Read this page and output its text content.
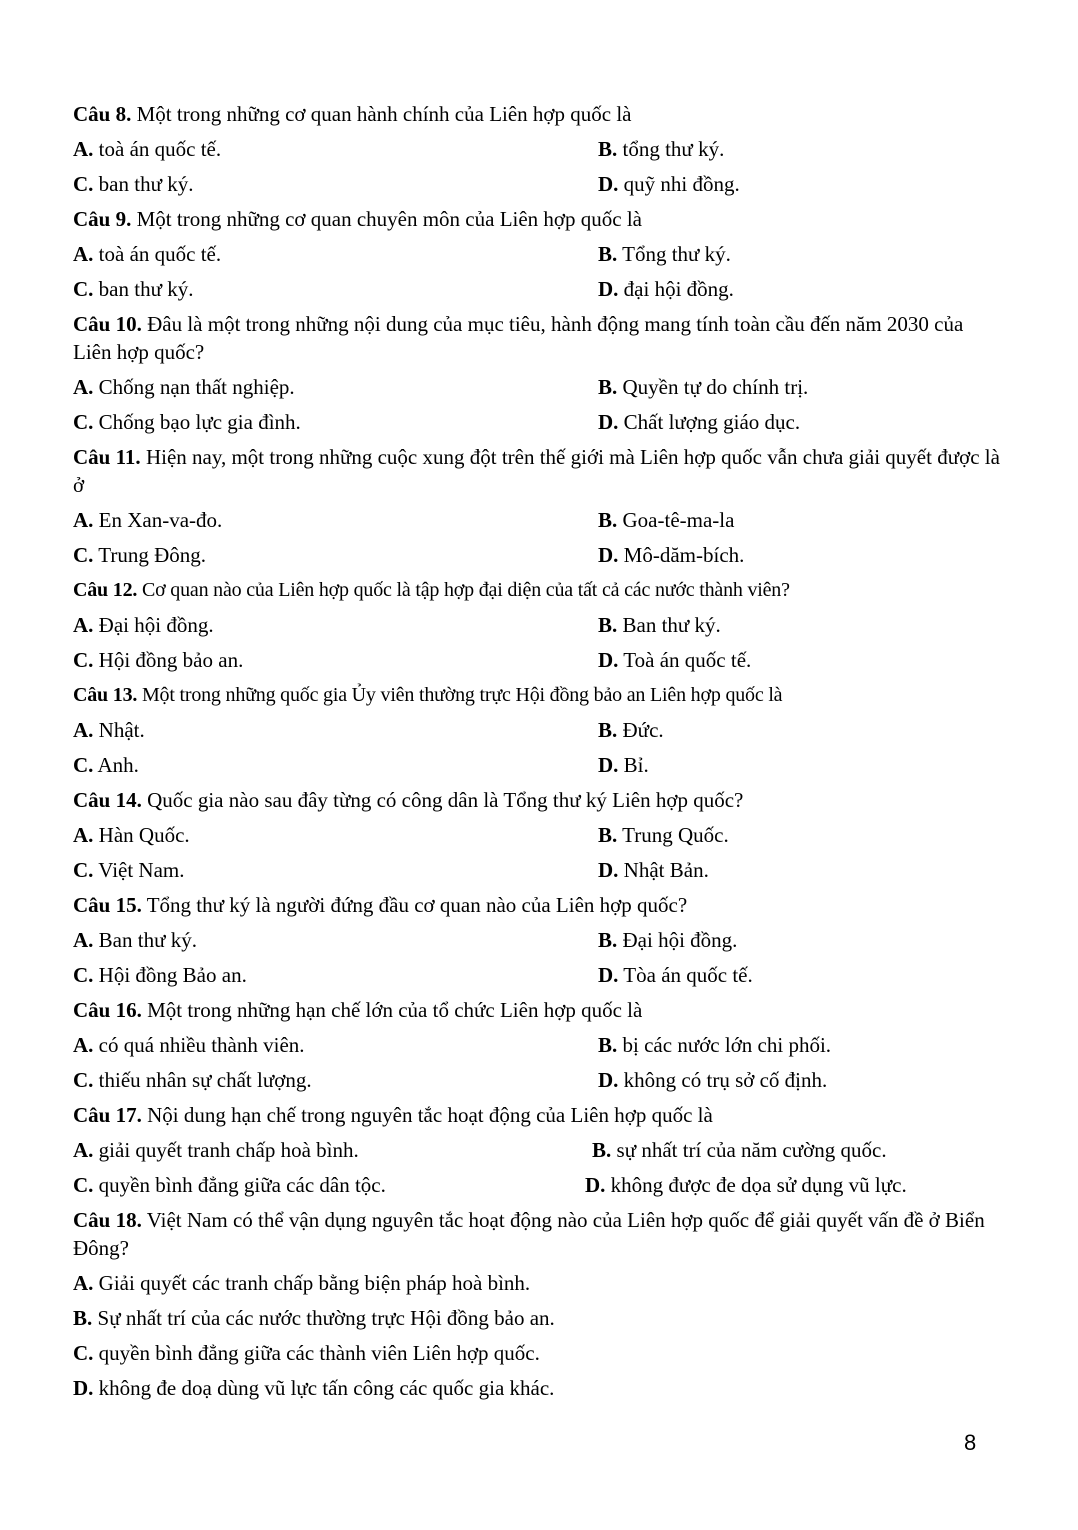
Câu 8. Một trong những cơ quan hành chính của Liên hợp quốc là

A. toà án quốc tế.	B. tổng thư ký.
C. ban thư ký.	D. quỹ nhi đồng.

Câu 9. Một trong những cơ quan chuyên môn của Liên hợp quốc là

A. toà án quốc tế.	B. Tổng thư ký.
C. ban thư ký.	D. đại hội đồng.

Câu 10. Đâu là một trong những nội dung của mục tiêu, hành động mang tính toàn cầu đến năm 2030 của Liên hợp quốc?

A. Chống nạn thất nghiệp.	B. Quyền tự do chính trị.
C. Chống bạo lực gia đình.	D. Chất lượng giáo dục.

Câu 11. Hiện nay, một trong những cuộc xung đột trên thế giới mà Liên hợp quốc vẫn chưa giải quyết được là ở

A. En Xan-va-đo.	B. Goa-tê-ma-la
C. Trung Đông.	D. Mô-dăm-bích.

Câu 12. Cơ quan nào của Liên hợp quốc là tập hợp đại diện của tất cả các nước thành viên?

A. Đại hội đồng.	B. Ban thư ký.
C. Hội đồng bảo an.	D. Toà án quốc tế.

Câu 13. Một trong những quốc gia Ủy viên thường trực Hội đồng bảo an Liên hợp quốc là

A. Nhật.	B. Đức.
C. Anh.	D. Bỉ.

Câu 14. Quốc gia nào sau đây từng có công dân là Tổng thư ký Liên hợp quốc?

A. Hàn Quốc.	B. Trung Quốc.
C. Việt Nam.	D. Nhật Bản.

Câu 15. Tổng thư ký là người đứng đầu cơ quan nào của Liên hợp quốc?

A. Ban thư ký.	B. Đại hội đồng.
C. Hội đồng Bảo an.	D. Tòa án quốc tế.

Câu 16. Một trong những hạn chế lớn của tổ chức Liên hợp quốc là

A. có quá nhiều thành viên.	B. bị các nước lớn chi phối.
C. thiếu nhân sự chất lượng.	D. không có trụ sở cố định.

Câu 17. Nội dung hạn chế trong nguyên tắc hoạt động của Liên hợp quốc là

A. giải quyết tranh chấp hoà bình.	B. sự nhất trí của năm cường quốc.
C. quyền bình đẳng giữa các dân tộc.	D. không được đe dọa sử dụng vũ lực.

Câu 18. Việt Nam có thể vận dụng nguyên tắc hoạt động nào của Liên hợp quốc để giải quyết vấn đề ở Biển Đông?

A. Giải quyết các tranh chấp bằng biện pháp hoà bình.
B. Sự nhất trí của các nước thường trực Hội đồng bảo an.
C. quyền bình đẳng giữa các thành viên Liên hợp quốc.
D. không đe doạ dùng vũ lực tấn công các quốc gia khác.
8
